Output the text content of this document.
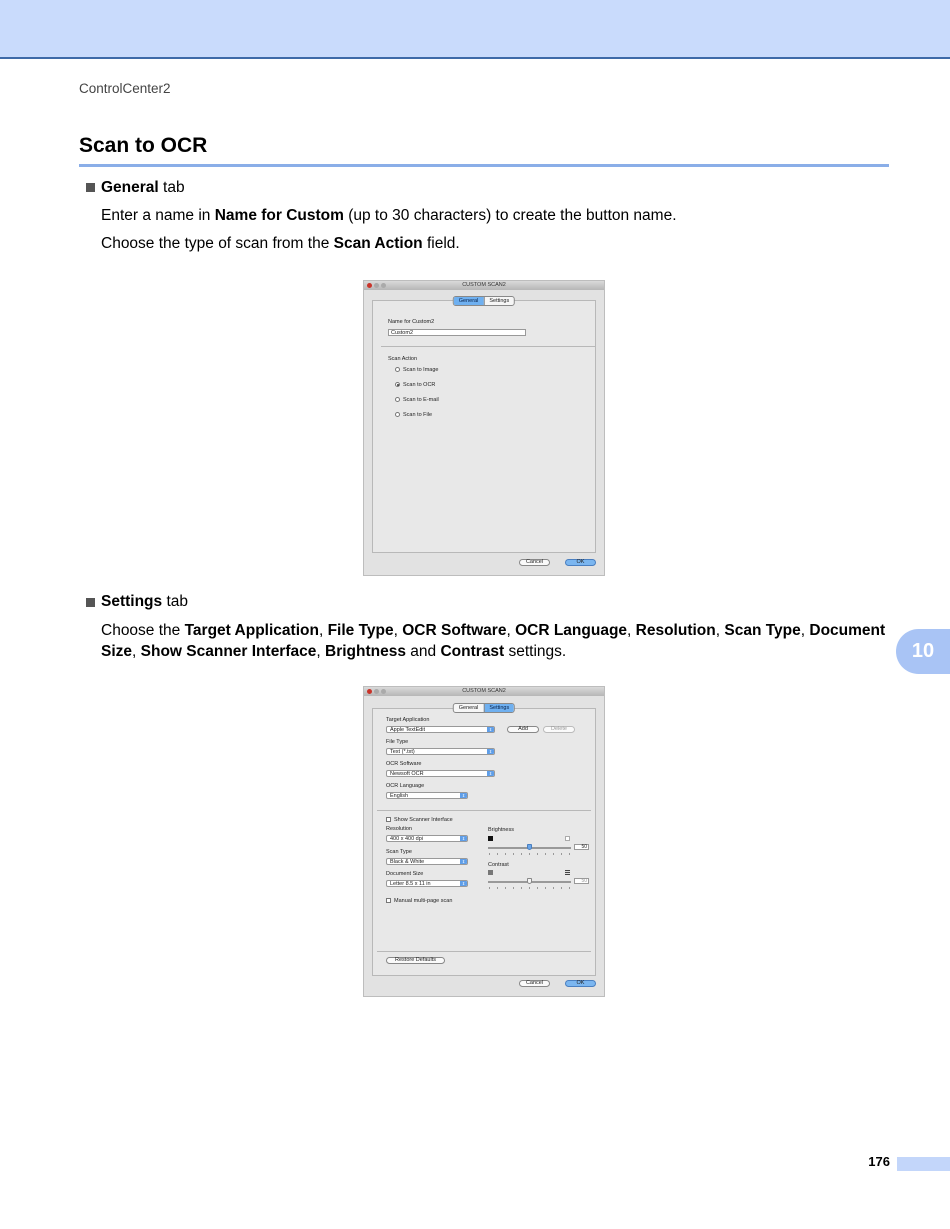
ControlCenter2
Scan to OCR
General tab
Enter a name in Name for Custom (up to 30 characters) to create the button name.
Choose the type of scan from the Scan Action field.
CUSTOM SCAN2
General	Settings
Name for Custom2
Custom2
Scan Action
Scan to Image
Scan to OCR
Scan to E-mail
Scan to File
Cancel	OK
Settings tab
Choose the Target Application, File Type, OCR Software, OCR Language, Resolution, Scan Type, Document Size, Show Scanner Interface, Brightness and Contrast settings.	10
CUSTOM SCAN2
General	Settings
Target Application
Apple TextEdit	⇕	Add	Delete
File Type
Text (*.txt)	⇕
OCR Software
Newsoft OCR	⇕
OCR Language
English	⇕
Show Scanner Interface
Resolution
400 x 400 dpi	⇕
Scan Type
Black & White	⇕
Document Size
Letter 8.5 x 11 in	⇕
Manual multi-page scan
Brightness
50
Contrast
50
Restore Defaults
Cancel	OK
176
